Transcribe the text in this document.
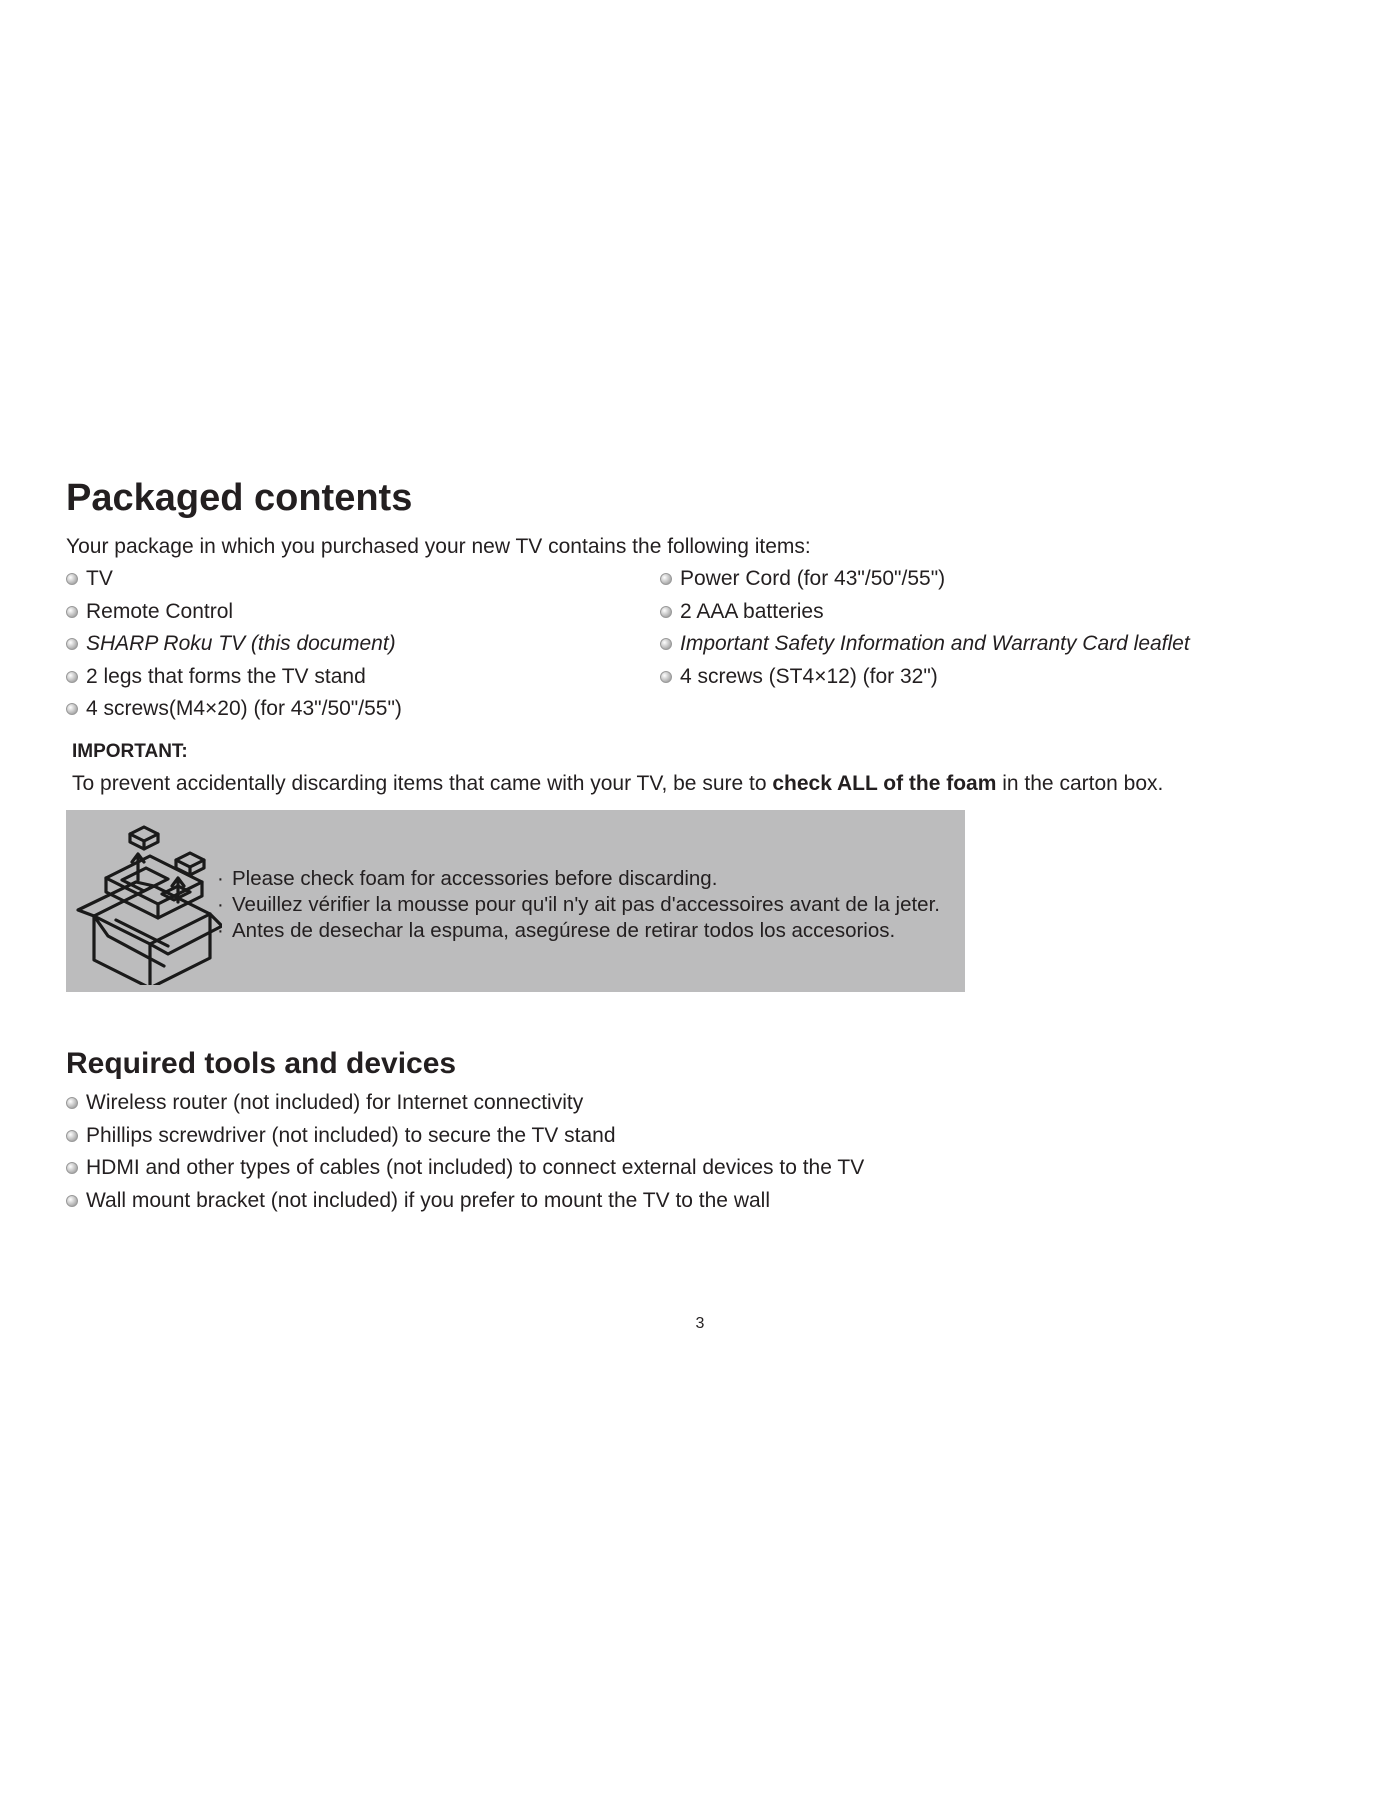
Packaged contents
Your package in which you purchased your new TV contains the following items:
TV
Remote Control
SHARP Roku TV (this document)
2 legs that forms the TV stand
4 screws(M4×20) (for 43"/50"/55")
Power Cord (for 43"/50"/55")
2 AAA batteries
Important Safety Information and Warranty Card leaflet
4 screws (ST4×12) (for 32")
IMPORTANT:
To prevent accidentally discarding items that came with your TV, be sure to check ALL of the foam in the carton box.
· Please check foam for accessories before discarding.
· Veuillez vérifier la mousse pour qu'il n'y ait pas d'accessoires avant de la jeter.
· Antes de desechar la espuma, asegúrese de retirar todos los accesorios.
Required tools and devices
Wireless router (not included) for Internet connectivity
Phillips screwdriver (not included) to secure the TV stand
HDMI and other types of cables (not included) to connect external devices to the TV
Wall mount bracket (not included) if you prefer to mount the TV to the wall
3
